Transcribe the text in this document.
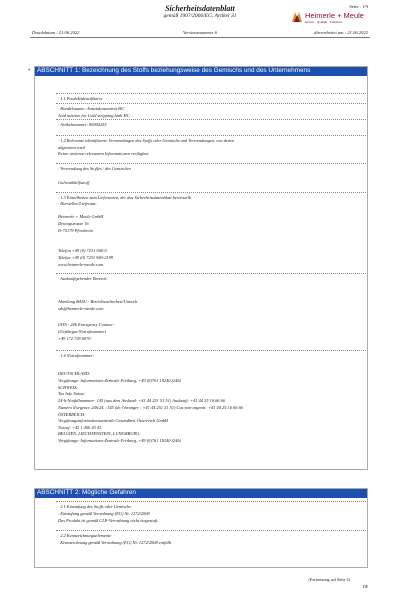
Sicherheitsdatenblatt
gemäß 1907/2006/EG, Artikel 31
Seite : 1/9
Heimerle + Meule
Einheit · Qualität · Präzision
Druckdatum : 21.06.2022	Versionsnummer 6	überarbeitet am : 21.06.2022
*	ABSCHNITT 1: Bezeichnung des Stoffs beziehungsweise des Gemischs und des Unternehmens
· 1.1 Produktidentifikator
· Handelsname: Ansatzkonzentrat HC
Acid mixture for Gold stripping bath HC
· Artikelnummer: 86900255
· 1.2 Relevante identifizierte Verwendungen des Stoffs oder Gemischs und Verwendungen, von denen
abgeraten wird
Keine weiteren relevanten Informationen verfügbar.
· Verwendung des Stoffes / des Gemisches
Galvanikhilfsstoff
· 1.3 Einzelheiten zum Lieferanten, der das Sicherheitsdatenblatt bereitstellt
· Hersteller/Lieferant:
Heimerle + Meule GmbH
Dennigstrasse 16
D-75179 Pforzheim
Telefon +49 (0) 7231 940-0
Telefax +49 (0) 7231 940-2199
www.heimerle-meule.com
· Auskunftgebender Bereich:
Abteilung BASU - Betriebssicherheit/Umwelt
sds@heimerle-meule.com
IATA - 24h Emergency Contact -
(Gefahrgut-Notrufnummer)
+49 172 759 6970
· 1.4 Notrufnummer:
DEUTSCHLAND:
Vergiftungs- Informations-Zentrale Freiburg, +49 (0)761 19240 (24h)
SCHWEIZ:
Tox Info Suisse
24-h-Notfallnummer: 145 (aus dem Ausland: +41 44 251 51 51) Auskunft: +41 44 25 16 66 66
Numéro d'urgence 24h/24 : 145 (de l'étranger : +41 44 251 51 51) Cas non-urgents: +41 44 25 16 66 66
ÖSTERREICH:
Vergiftungsinformationszentrale Gesundheit Österreich GmbH
Notruf: +43 1 406 43 43
BELGIEN, LIECHTENSTEIN, LUXEMBURG:
Vergiftungs- Informations-Zentrale Freiburg, +49 (0)761 19240 (24h)
ABSCHNITT 2: Mögliche Gefahren
· 2.1 Einstufung des Stoffs oder Gemischs
· Einstufung gemäß Verordnung (EG) Nr. 1272/2008
Das Produkt ist gemäß CLP-Verordnung nicht eingestuft.
· 2.2 Kennzeichnungselemente
· Kennzeichnung gemäß Verordnung (EG) Nr. 1272/2008 entfällt
(Fortsetzung auf Seite 2)
DE
